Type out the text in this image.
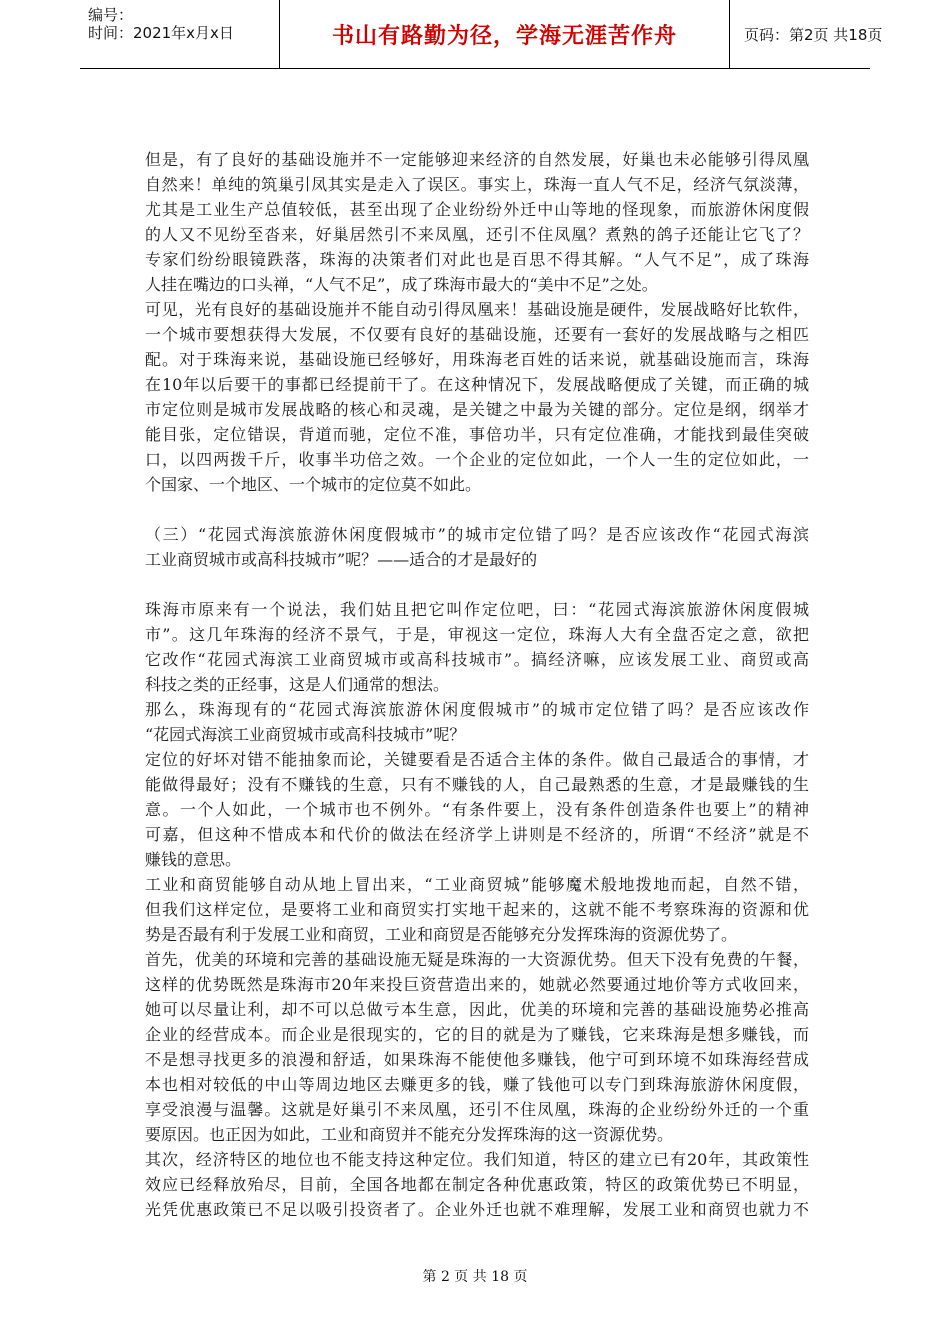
编号：
时间：2021年x月x日	书山有路勤为径，学海无涯苦作舟	页码：第2页 共18页
但是，有了良好的基础设施并不一定能够迎来经济的自然发展，好巢也未必能够引得凤凰
自然来！单纯的筑巢引凤其实是走入了误区。事实上，珠海一直人气不足，经济气氛淡薄，
尤其是工业生产总值较低，甚至出现了企业纷纷外迁中山等地的怪现象，而旅游休闲度假
的人又不见纷至沓来，好巢居然引不来凤凰，还引不住凤凰？煮熟的鸽子还能让它飞了？
专家们纷纷眼镜跌落，珠海的决策者们对此也是百思不得其解。“人气不足”，成了珠海
人挂在嘴边的口头禅，“人气不足”，成了珠海市最大的“美中不足”之处。
可见，光有良好的基础设施并不能自动引得凤凰来！基础设施是硬件，发展战略好比软件，
一个城市要想获得大发展，不仅要有良好的基础设施，还要有一套好的发展战略与之相匹
配。对于珠海来说，基础设施已经够好，用珠海老百姓的话来说，就基础设施而言，珠海
在10年以后要干的事都已经提前干了。在这种情况下，发展战略便成了关键，而正确的城
市定位则是城市发展战略的核心和灵魂，是关键之中最为关键的部分。定位是纲，纲举才
能目张，定位错误，背道而驰，定位不准，事倍功半，只有定位准确，才能找到最佳突破
口，以四两拨千斤，收事半功倍之效。一个企业的定位如此，一个人一生的定位如此，一
个国家、一个地区、一个城市的定位莫不如此。
（三）“花园式海滨旅游休闲度假城市”的城市定位错了吗？是否应该改作“花园式海滨
工业商贸城市或高科技城市”呢？——适合的才是最好的
珠海市原来有一个说法，我们姑且把它叫作定位吧，曰：“花园式海滨旅游休闲度假城
市”。这几年珠海的经济不景气，于是，审视这一定位，珠海人大有全盘否定之意，欲把
它改作“花园式海滨工业商贸城市或高科技城市”。搞经济嘛，应该发展工业、商贸或高
科技之类的正经事，这是人们通常的想法。
那么，珠海现有的“花园式海滨旅游休闲度假城市”的城市定位错了吗？是否应该改作
“花园式海滨工业商贸城市或高科技城市”呢？
定位的好坏对错不能抽象而论，关键要看是否适合主体的条件。做自己最适合的事情，才
能做得最好；没有不赚钱的生意，只有不赚钱的人，自己最熟悉的生意，才是最赚钱的生
意。一个人如此，一个城市也不例外。“有条件要上，没有条件创造条件也要上”的精神
可嘉，但这种不惜成本和代价的做法在经济学上讲则是不经济的，所谓“不经济”就是不
赚钱的意思。
工业和商贸能够自动从地上冒出来，“工业商贸城”能够魔术般地拨地而起，自然不错，
但我们这样定位，是要将工业和商贸实打实地干起来的，这就不能不考察珠海的资源和优
势是否最有利于发展工业和商贸，工业和商贸是否能够充分发挥珠海的资源优势了。
首先，优美的环境和完善的基础设施无疑是珠海的一大资源优势。但天下没有免费的午餐，
这样的优势既然是珠海市20年来投巨资营造出来的，她就必然要通过地价等方式收回来，
她可以尽量让利，却不可以总做亏本生意，因此，优美的环境和完善的基础设施势必推高
企业的经营成本。而企业是很现实的，它的目的就是为了赚钱，它来珠海是想多赚钱，而
不是想寻找更多的浪漫和舒适，如果珠海不能使他多赚钱，他宁可到环境不如珠海经营成
本也相对较低的中山等周边地区去赚更多的钱，赚了钱他可以专门到珠海旅游休闲度假，
享受浪漫与温馨。这就是好巢引不来凤凰，还引不住凤凰，珠海的企业纷纷外迁的一个重
要原因。也正因为如此，工业和商贸并不能充分发挥珠海的这一资源优势。
其次，经济特区的地位也不能支持这种定位。我们知道，特区的建立已有20年，其政策性
效应已经释放殆尽，目前，全国各地都在制定各种优惠政策，特区的政策优势已不明显，
光凭优惠政策已不足以吸引投资者了。企业外迁也就不难理解，发展工业和商贸也就力不
第 2 页 共 18 页
